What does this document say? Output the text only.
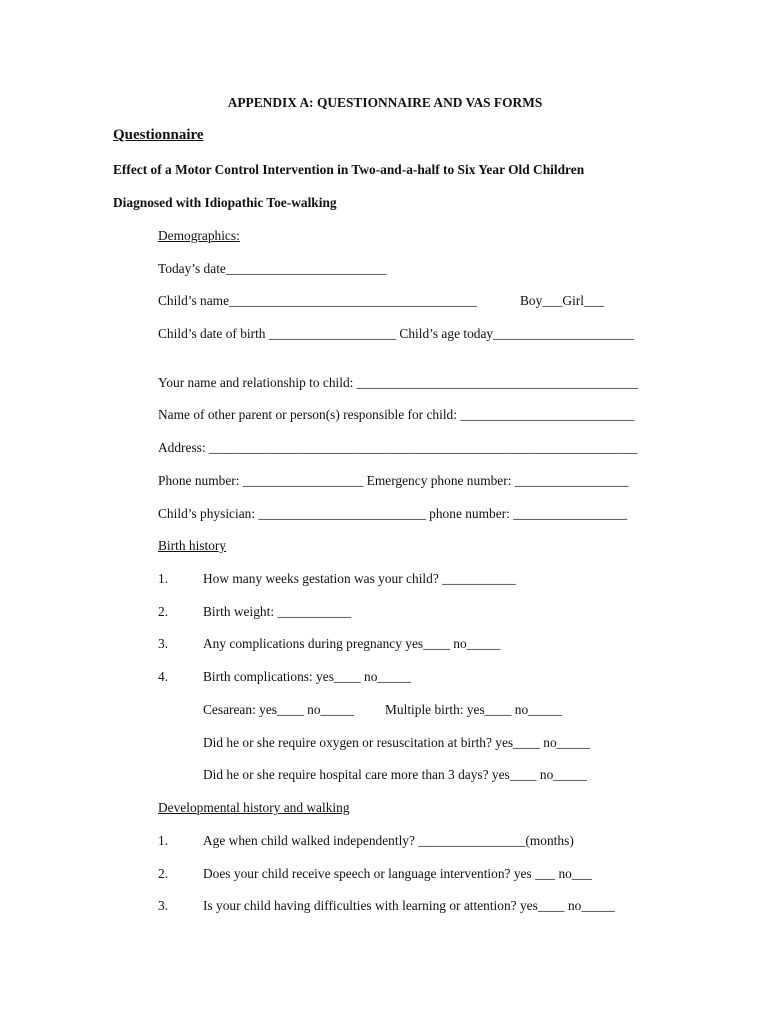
APPENDIX A: QUESTIONNAIRE AND VAS FORMS
Questionnaire
Effect of a Motor Control Intervention in Two-and-a-half to Six Year Old Children
Diagnosed with Idiopathic Toe-walking
Demographics:
Today’s date________________________
Child’s name_____________________________________	Boy___Girl___
Child’s date of birth ___________________ Child’s age today_____________________
Your name and relationship to child: __________________________________________
Name of other parent or person(s) responsible for child: __________________________
Address: ________________________________________________________________
Phone number: __________________ Emergency phone number: _________________
Child’s physician: _________________________ phone number: _________________
Birth history
1.	How many weeks gestation was your child? ___________
2.	Birth weight: ___________
3.	Any complications during pregnancy yes____ no_____
4.	Birth complications: yes____ no_____
Cesarean: yes____ no_____ Multiple birth: yes____ no_____
Did he or she require oxygen or resuscitation at birth? yes____ no_____
Did he or she require hospital care more than 3 days? yes____ no_____
Developmental history and walking
1.	Age when child walked independently? ________________(months)
2.	Does your child receive speech or language intervention? yes ___ no___
3.	Is your child having difficulties with learning or attention? yes____ no_____
